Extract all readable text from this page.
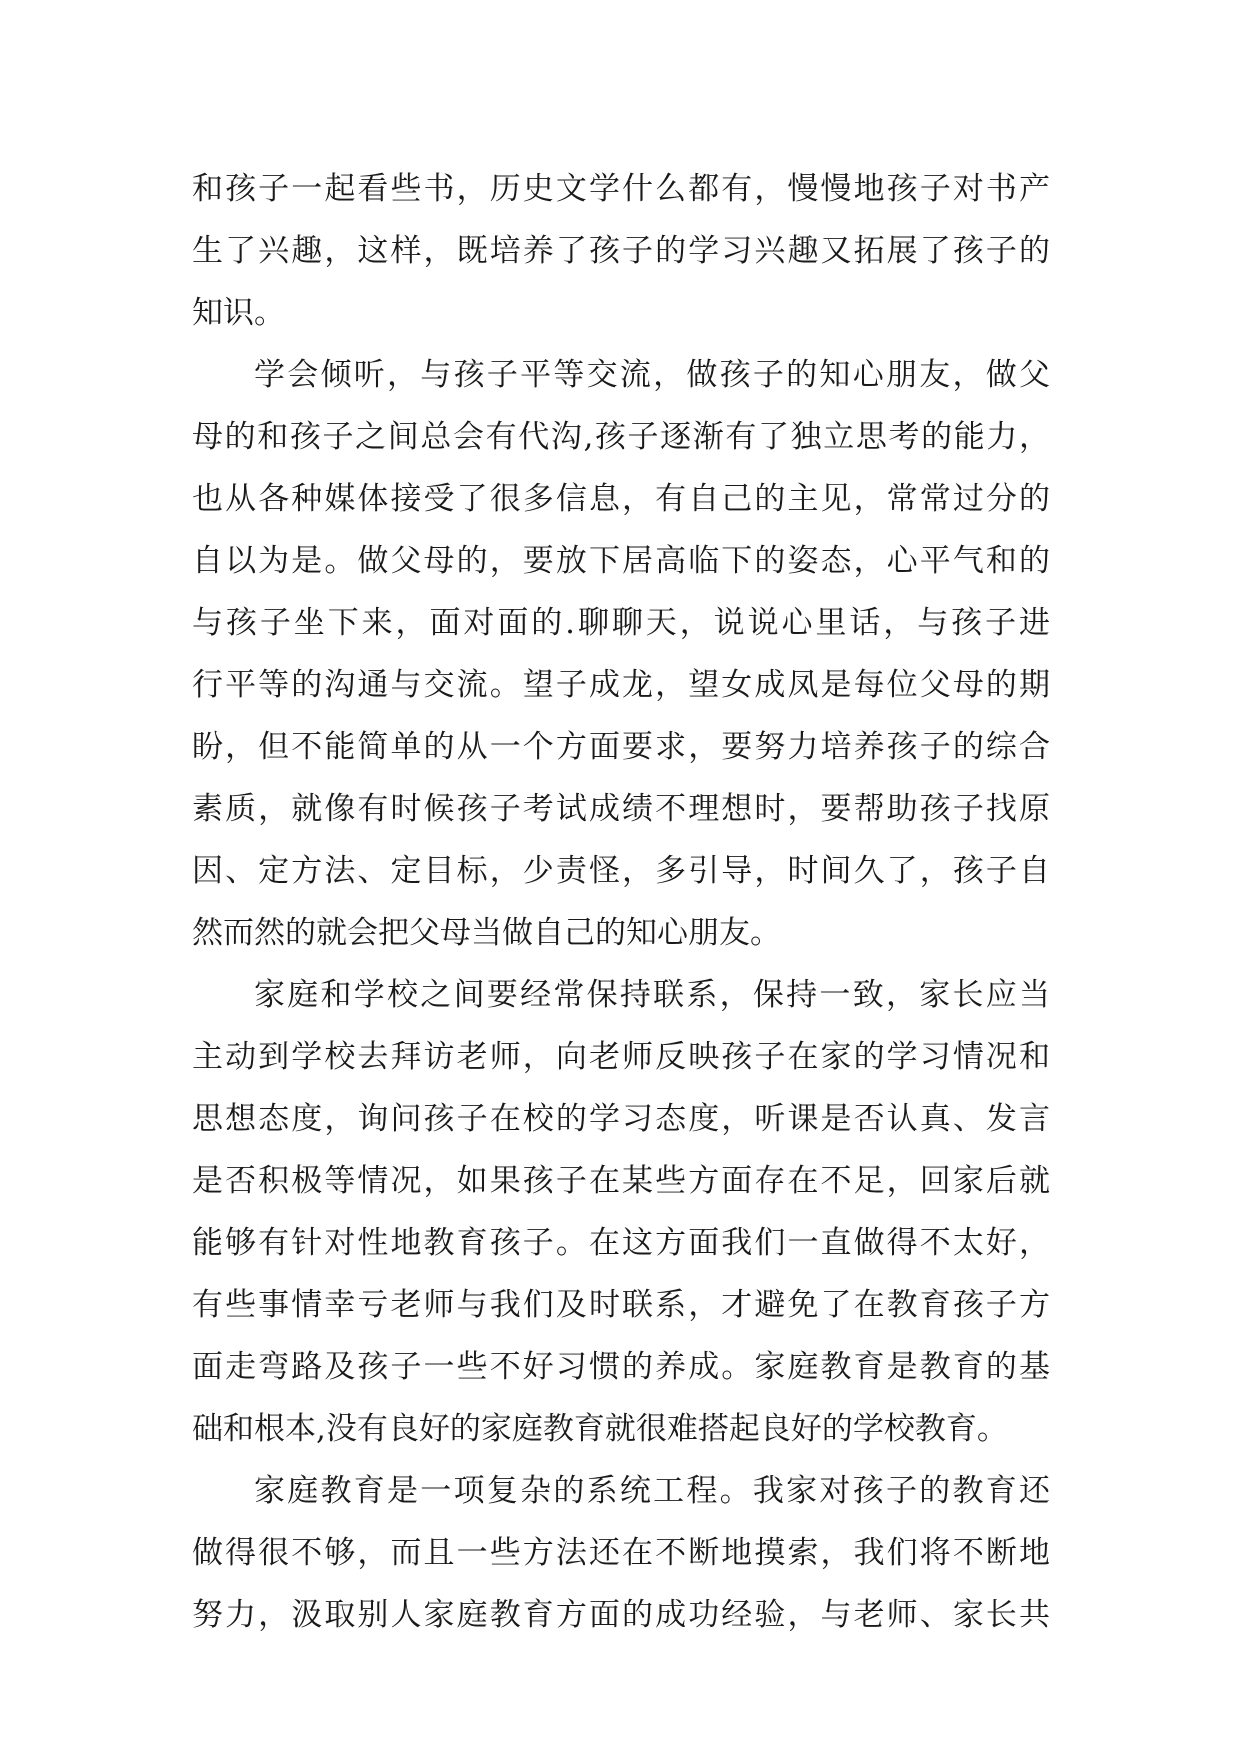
和孩子一起看些书，历史文学什么都有，慢慢地孩子对书产
生了兴趣，这样，既培养了孩子的学习兴趣又拓展了孩子的
知识。
学会倾听，与孩子平等交流，做孩子的知心朋友，做父
母的和孩子之间总会有代沟,孩子逐渐有了独立思考的能力，
也从各种媒体接受了很多信息，有自己的主见，常常过分的
自以为是。做父母的，要放下居高临下的姿态，心平气和的
与孩子坐下来，面对面的.聊聊天，说说心里话，与孩子进
行平等的沟通与交流。望子成龙，望女成凤是每位父母的期
盼，但不能简单的从一个方面要求，要努力培养孩子的综合
素质，就像有时候孩子考试成绩不理想时，要帮助孩子找原
因、定方法、定目标，少责怪，多引导，时间久了，孩子自
然而然的就会把父母当做自己的知心朋友。
家庭和学校之间要经常保持联系，保持一致，家长应当
主动到学校去拜访老师，向老师反映孩子在家的学习情况和
思想态度，询问孩子在校的学习态度，听课是否认真、发言
是否积极等情况，如果孩子在某些方面存在不足，回家后就
能够有针对性地教育孩子。在这方面我们一直做得不太好，
有些事情幸亏老师与我们及时联系，才避免了在教育孩子方
面走弯路及孩子一些不好习惯的养成。家庭教育是教育的基
础和根本,没有良好的家庭教育就很难搭起良好的学校教育。
家庭教育是一项复杂的系统工程。我家对孩子的教育还
做得很不够，而且一些方法还在不断地摸索，我们将不断地
努力，汲取别人家庭教育方面的成功经验，与老师、家长共
